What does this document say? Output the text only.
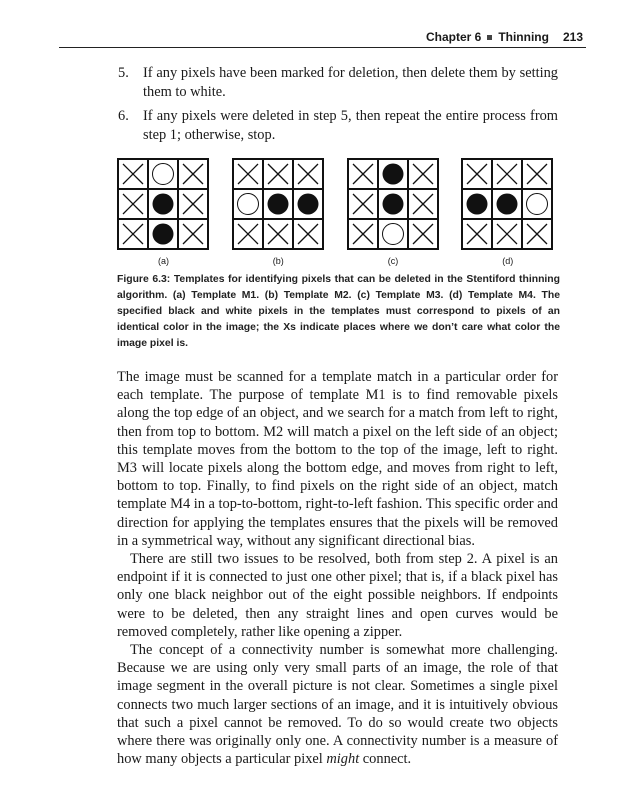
Chapter 6 Thinning 213
5. If any pixels have been marked for deletion, then delete them by setting them to white.
6. If any pixels were deleted in step 5, then repeat the entire process from step 1; otherwise, stop.
(a)	(b)	(c)	(d)
Figure 6.3: Templates for identifying pixels that can be deleted in the Stentiford thinning algorithm. (a) Template M1. (b) Template M2. (c) Template M3. (d) Template M4. The specified black and white pixels in the templates must correspond to pixels of an identical color in the image; the Xs indicate places where we don’t care what color the image pixel is.

The image must be scanned for a template match in a particular order for each template. The purpose of template M1 is to find removable pixels along the top edge of an object, and we search for a match from left to right, then from top to bottom. M2 will match a pixel on the left side of an object; this template moves from the bottom to the top of the image, left to right. M3 will locate pixels along the bottom edge, and moves from right to left, bottom to top. Finally, to find pixels on the right side of an object, match template M4 in a top-to-bottom, right-to-left fashion. This specific order and direction for applying the templates ensures that the pixels will be removed in a symmetrical way, without any significant directional bias.

There are still two issues to be resolved, both from step 2. A pixel is an endpoint if it is connected to just one other pixel; that is, if a black pixel has only one black neighbor out of the eight possible neighbors. If endpoints were to be deleted, then any straight lines and open curves would be removed completely, rather like opening a zipper.

The concept of a connectivity number is somewhat more challenging. Because we are using only very small parts of an image, the role of that image segment in the overall picture is not clear. Sometimes a single pixel connects two much larger sections of an image, and it is intuitively obvious that such a pixel cannot be removed. To do so would create two objects where there was originally only one. A connectivity number is a measure of how many objects a particular pixel might connect.
